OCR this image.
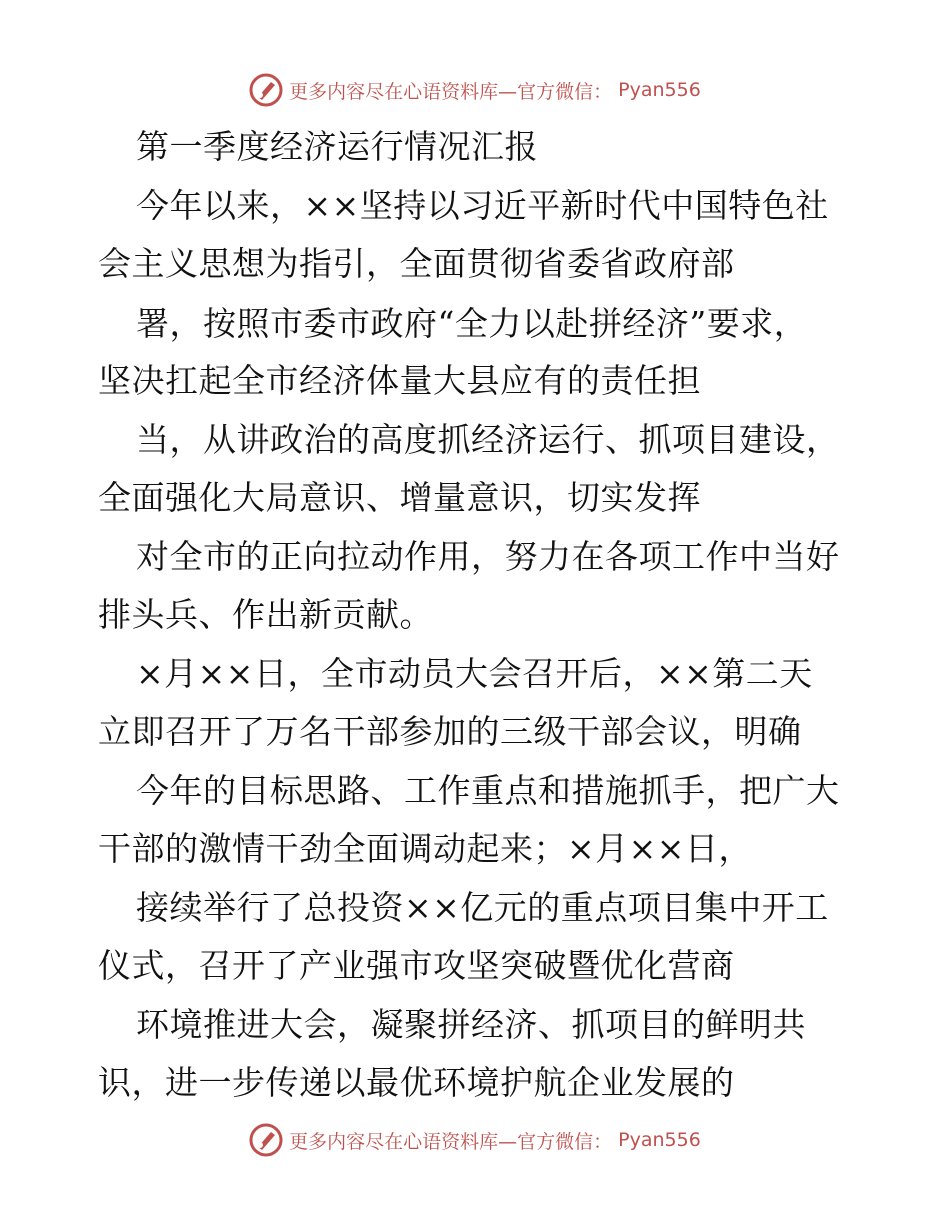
更多内容尽在心语资料库—官方微信： Pyan556
第一季度经济运行情况汇报
今年以来，××坚持以习近平新时代中国特色社
会主义思想为指引，全面贯彻省委省政府部
署，按照市委市政府“全力以赴拼经济”要求，
坚决扛起全市经济体量大县应有的责任担
当，从讲政治的高度抓经济运行、抓项目建设，
全面强化大局意识、增量意识，切实发挥
对全市的正向拉动作用，努力在各项工作中当好
排头兵、作出新贡献。
×月××日，全市动员大会召开后，××第二天
立即召开了万名干部参加的三级干部会议，明确
今年的目标思路、工作重点和措施抓手，把广大
干部的激情干劲全面调动起来；×月××日，
接续举行了总投资××亿元的重点项目集中开工
仪式，召开了产业强市攻坚突破暨优化营商
环境推进大会，凝聚拼经济、抓项目的鲜明共
识，进一步传递以最优环境护航企业发展的
更多内容尽在心语资料库—官方微信： Pyan556
